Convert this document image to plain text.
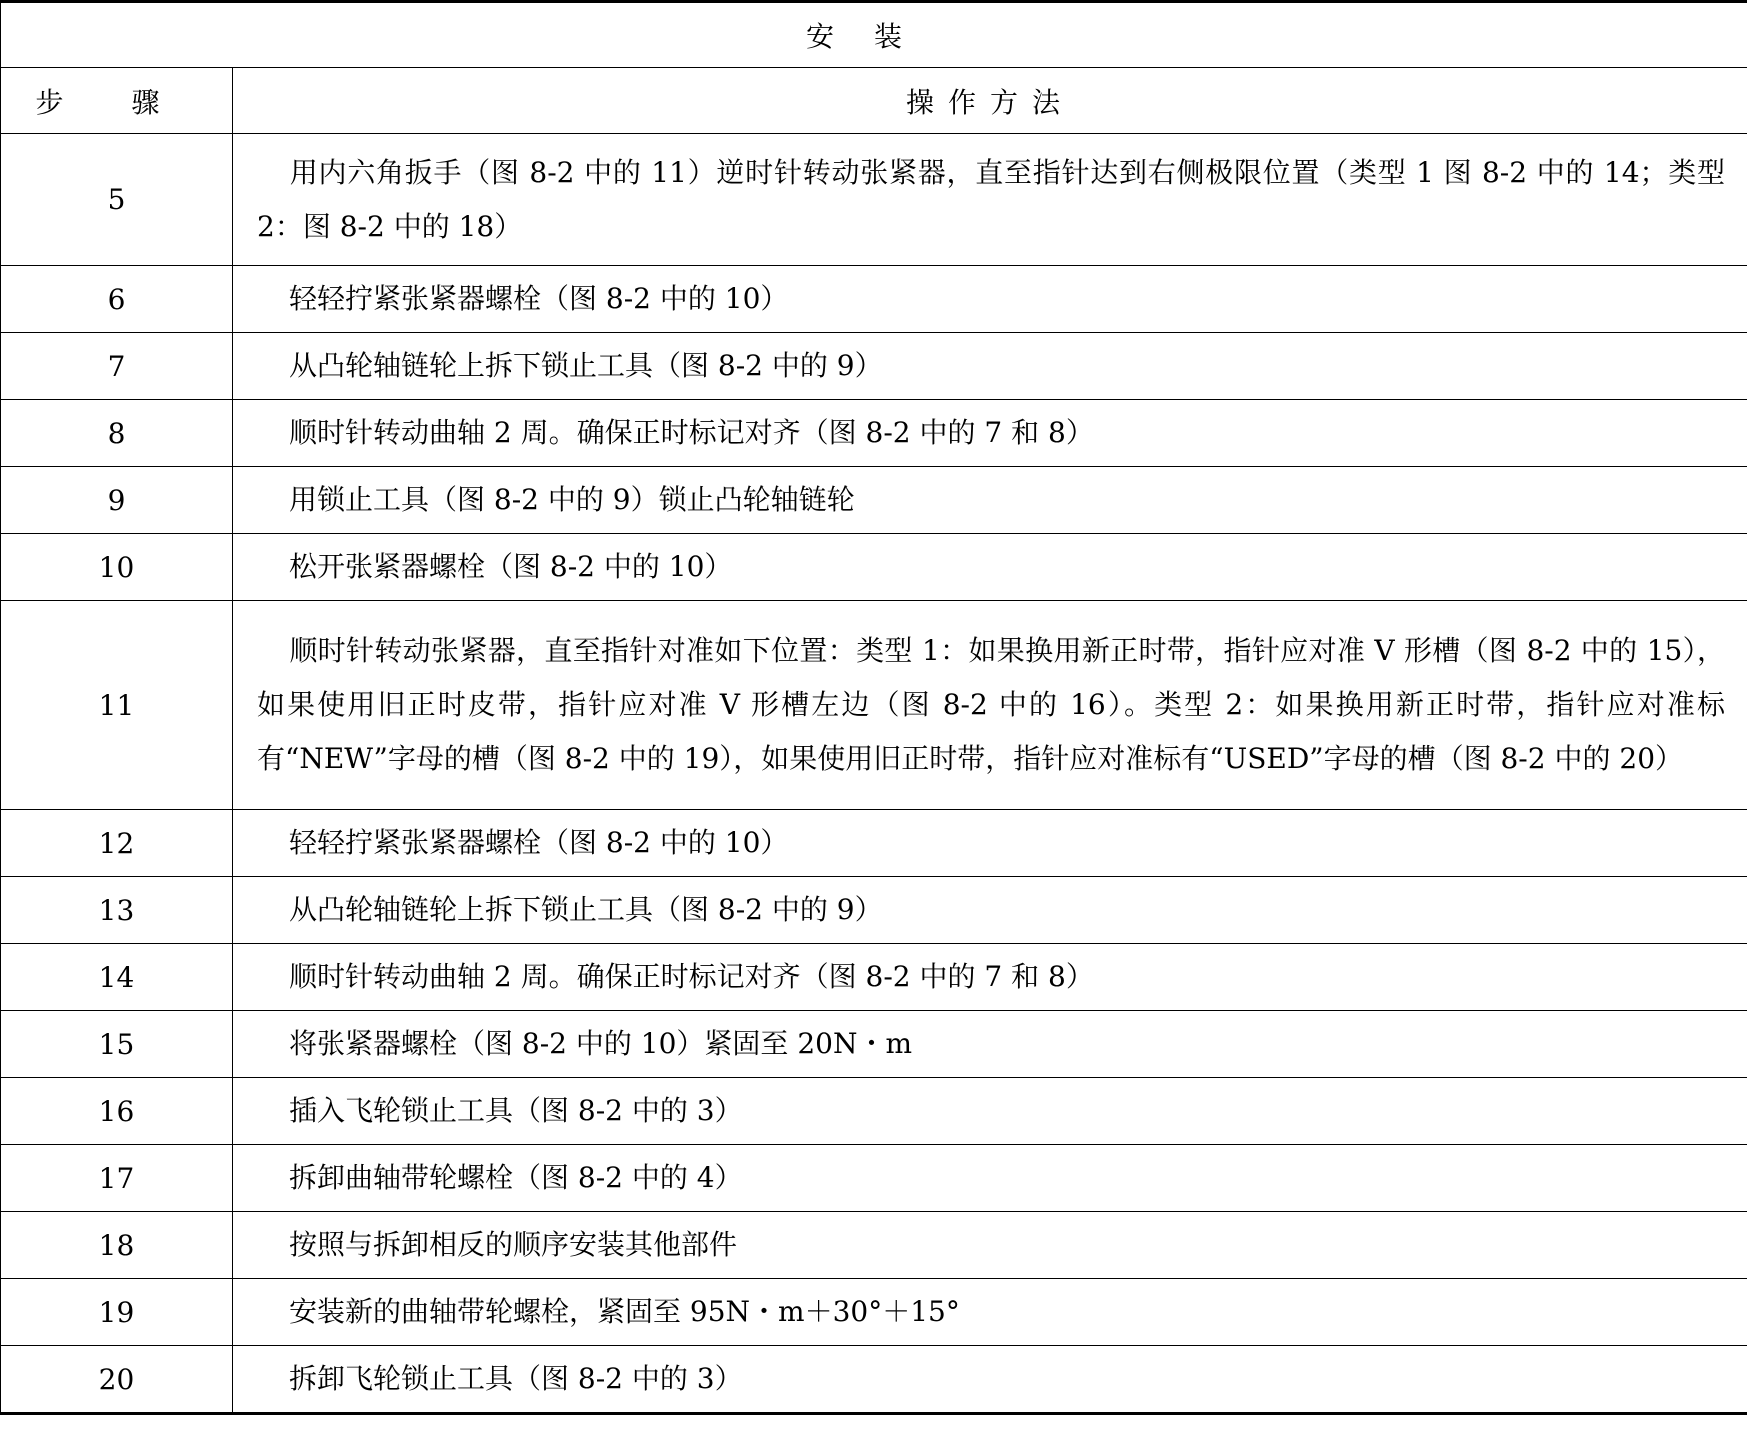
安装	
步骤	操作方法
5	用内六角扳手（图 8-2 中的 11）逆时针转动张紧器，直至指针达到右侧极限位置（类型 1 图 8-2 中的 14；类型 2：图 8-2 中的 18）
6	轻轻拧紧张紧器螺栓（图 8-2 中的 10）
7	从凸轮轴链轮上拆下锁止工具（图 8-2 中的 9）
8	顺时针转动曲轴 2 周。确保正时标记对齐（图 8-2 中的 7 和 8）
9	用锁止工具（图 8-2 中的 9）锁止凸轮轴链轮
10	松开张紧器螺栓（图 8-2 中的 10）
11	顺时针转动张紧器，直至指针对准如下位置：类型 1：如果换用新正时带，指针应对准 V 形槽（图 8-2 中的 15），如果使用旧正时皮带，指针应对准 V 形槽左边（图 8-2 中的 16）。类型 2：如果换用新正时带，指针应对准标有“NEW”字母的槽（图 8-2 中的 19），如果使用旧正时带，指针应对准标有“USED”字母的槽（图 8-2 中的 20）
12	轻轻拧紧张紧器螺栓（图 8-2 中的 10）
13	从凸轮轴链轮上拆下锁止工具（图 8-2 中的 9）
14	顺时针转动曲轴 2 周。确保正时标记对齐（图 8-2 中的 7 和 8）
15	将张紧器螺栓（图 8-2 中的 10）紧固至 20N・m
16	插入飞轮锁止工具（图 8-2 中的 3）
17	拆卸曲轴带轮螺栓（图 8-2 中的 4）
18	按照与拆卸相反的顺序安装其他部件
19	安装新的曲轴带轮螺栓，紧固至 95N・m＋30°＋15°
20	拆卸飞轮锁止工具（图 8-2 中的 3）
